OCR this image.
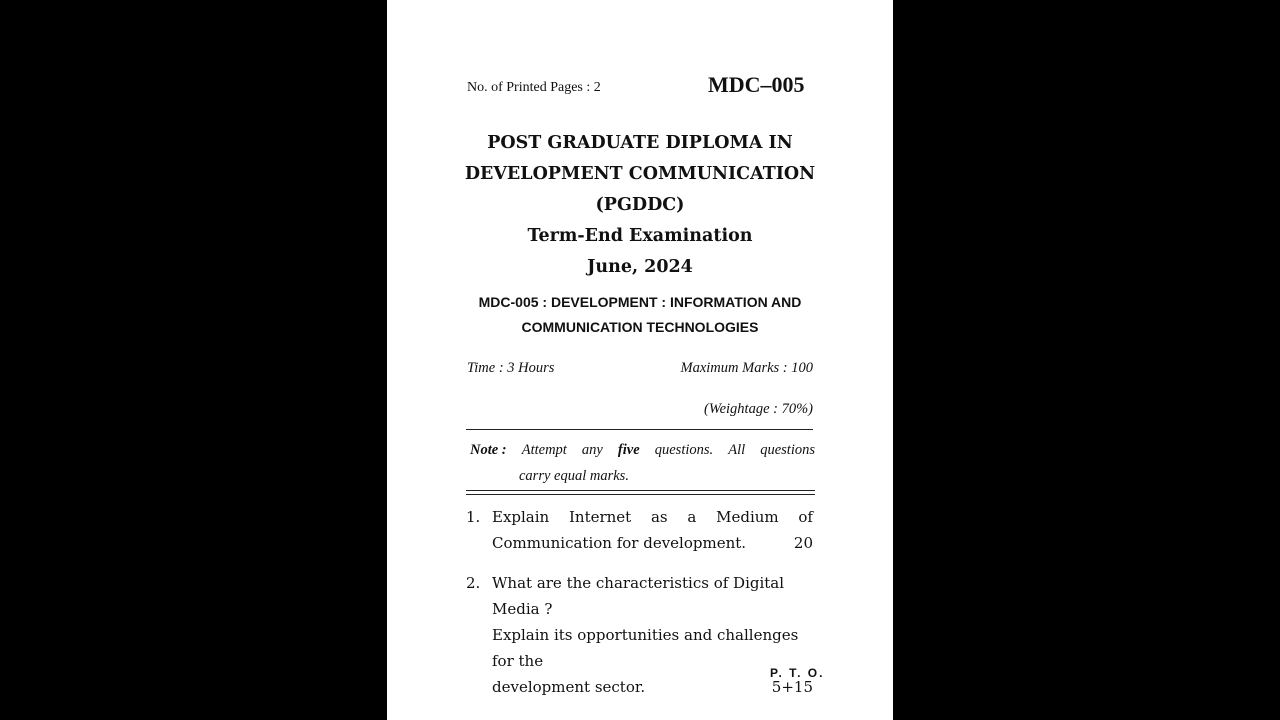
No. of Printed Pages : 2	MDC–005
POST GRADUATE DIPLOMA IN
DEVELOPMENT COMMUNICATION
(PGDDC)
Term-End Examination
June, 2024
MDC-005 : DEVELOPMENT : INFORMATION AND
COMMUNICATION TECHNOLOGIES
Time : 3 Hours	Maximum Marks : 100
(Weightage : 70%)
Note : Attempt any five questions. All questions
carry equal marks.
1. Explain Internet as a Medium of
Communication for development.	20
2. What are the characteristics of Digital Media ?
Explain its opportunities and challenges for the
development sector.	5+15
P. T. O.
